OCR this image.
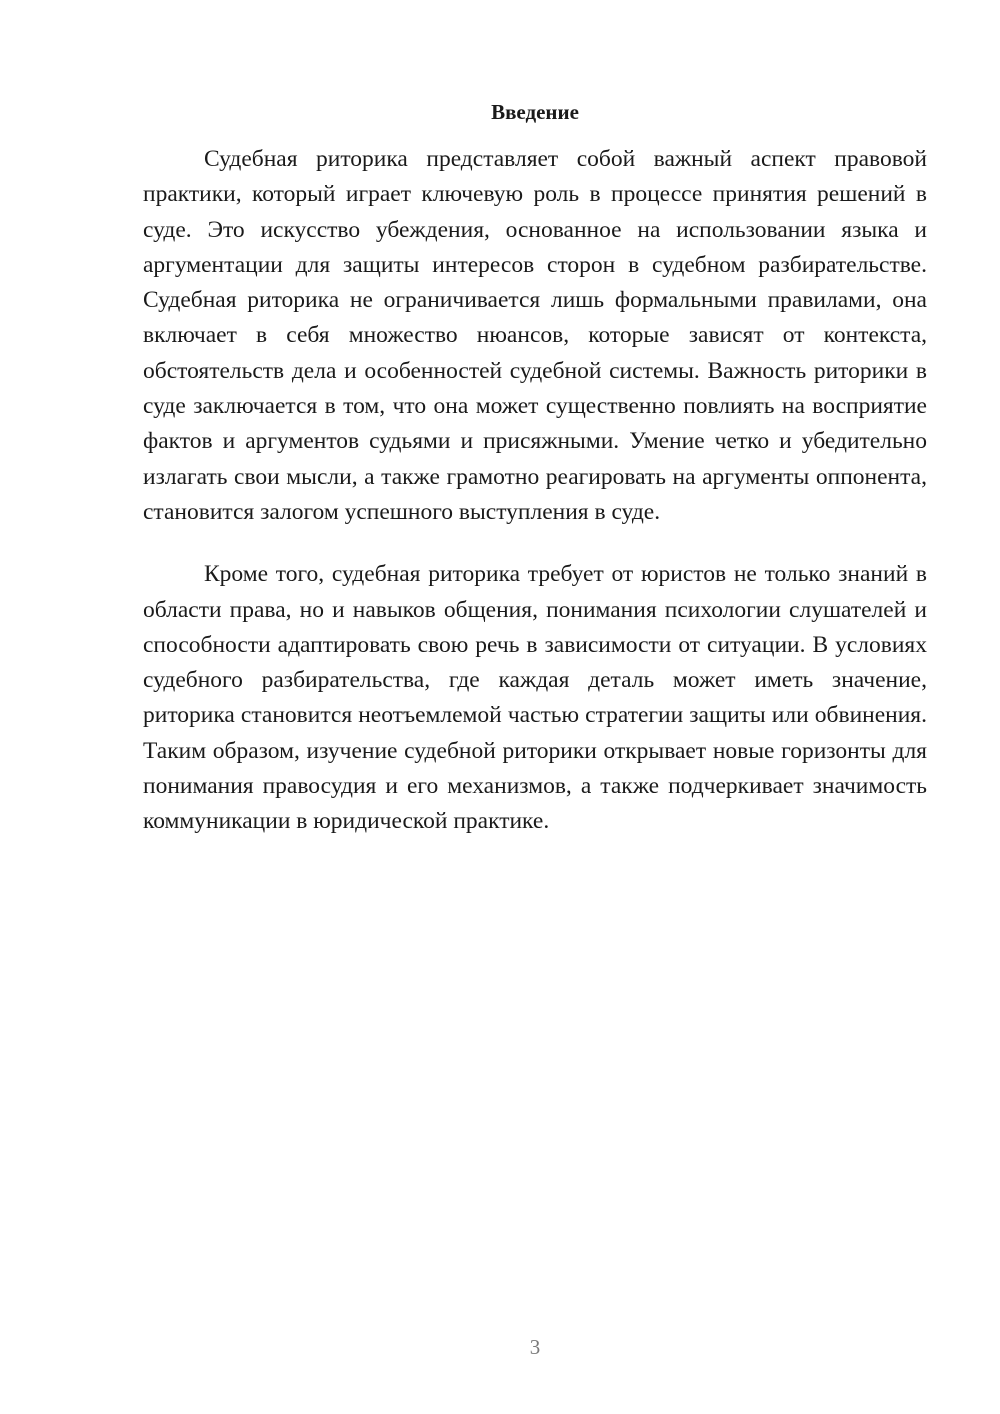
Введение

Судебная риторика представляет собой важный аспект правовой практики, который играет ключевую роль в процессе принятия решений в суде. Это искусство убеждения, основанное на использовании языка и аргументации для защиты интересов сторон в судебном разбирательстве. Судебная риторика не ограничивается лишь формальными правилами, она включает в себя множество нюансов, которые зависят от контекста, обстоятельств дела и особенностей судебной системы. Важность риторики в суде заключается в том, что она может существенно повлиять на восприятие фактов и аргументов судьями и присяжными. Умение четко и убедительно излагать свои мысли, а также грамотно реагировать на аргументы оппонента, становится залогом успешного выступления в суде.

Кроме того, судебная риторика требует от юристов не только знаний в области права, но и навыков общения, понимания психологии слушателей и способности адаптировать свою речь в зависимости от ситуации. В условиях судебного разбирательства, где каждая деталь может иметь значение, риторика становится неотъемлемой частью стратегии защиты или обвинения. Таким образом, изучение судебной риторики открывает новые горизонты для понимания правосудия и его механизмов, а также подчеркивает значимость коммуникации в юридической практике.

3
